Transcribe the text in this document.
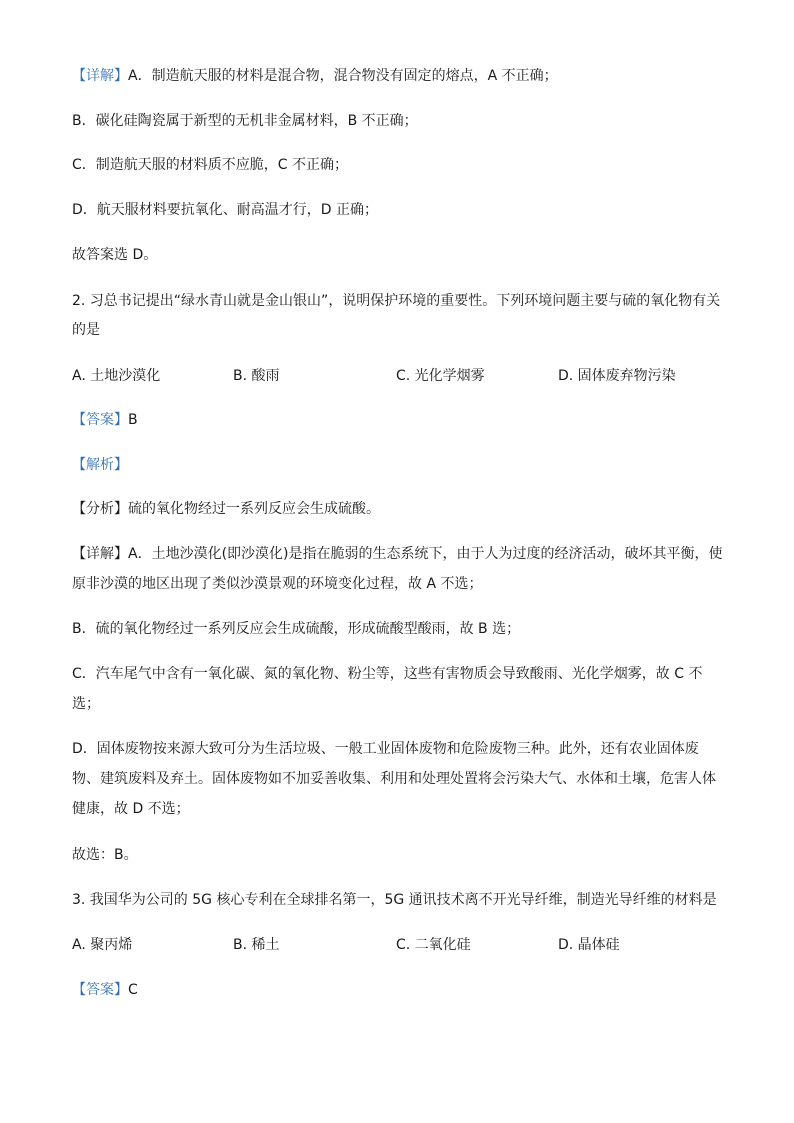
【详解】A．制造航天服的材料是混合物，混合物没有固定的熔点，A 不正确；
B．碳化硅陶瓷属于新型的无机非金属材料，B 不正确；
C．制造航天服的材料质不应脆，C 不正确；
D．航天服材料要抗氧化、耐高温才行，D 正确；
故答案选 D。
2. 习总书记提出“绿水青山就是金山银山”，说明保护环境的重要性。下列环境问题主要与硫的氧化物有关
的是
A. 土地沙漠化	B. 酸雨	C. 光化学烟雾	D. 固体废弃物污染
【答案】B
【解析】
【分析】硫的氧化物经过一系列反应会生成硫酸。
【详解】A．土地沙漠化(即沙漠化)是指在脆弱的生态系统下，由于人为过度的经济活动，破坏其平衡，使
原非沙漠的地区出现了类似沙漠景观的环境变化过程，故 A 不选；
B．硫的氧化物经过一系列反应会生成硫酸，形成硫酸型酸雨，故 B 选；
C．汽车尾气中含有一氧化碳、氮的氧化物、粉尘等，这些有害物质会导致酸雨、光化学烟雾，故 C 不
选；
D．固体废物按来源大致可分为生活垃圾、一般工业固体废物和危险废物三种。此外，还有农业固体废
物、建筑废料及弃土。固体废物如不加妥善收集、利用和处理处置将会污染大气、水体和土壤，危害人体
健康，故 D 不选；
故选：B。
3. 我国华为公司的 5G 核心专利在全球排名第一，5G 通讯技术离不开光导纤维，制造光导纤维的材料是
A. 聚丙烯	B. 稀土	C. 二氧化硅	D. 晶体硅
【答案】C
